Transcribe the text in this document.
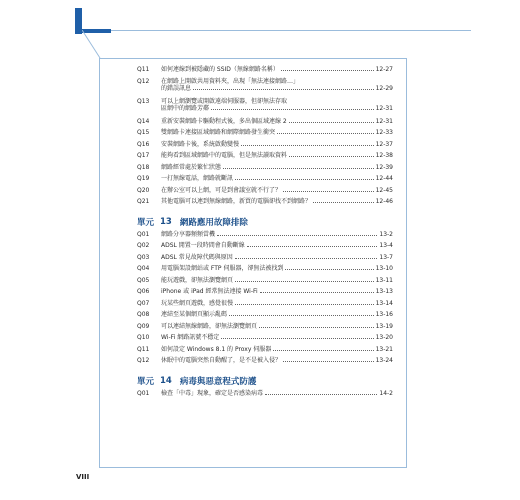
Q11	如何連線到被隱藏的 SSID（無線網路名稱）	12-27
Q12	在網路上開啟共用資料夾，出現「無法連接網路…」
的錯誤訊息	12-29
Q13	可以上網瀏覽或開啟遠端伺服器，但卻無法存取
區網中的網路芳鄰	12-31
Q14	重新安裝網路卡驅動程式後，多出個區域連線 2	12-31
Q15	雙網路卡連接區域網路和網際網路發生衝突	12-33
Q16	安裝網路卡後，系統啟動變慢	12-37
Q17	能夠看到區域網路中的電腦，但是無法讀取資料	12-38
Q18	網路經常處於繁忙狀態	12-39
Q19	一打無線電話，網路就斷訊	12-44
Q20	在辦公室可以上網，可是到會議室就不行了？	12-45
Q21	其他電腦可以連到無線網路，新買的電腦卻找不到網路？	12-46
單元 13 網路應用故障排除
Q01	網路分享器頻頻當機	13-2
Q02	ADSL 閒置一段時間會自動斷線	13-4
Q03	ADSL 常見故障代碼與原因	13-7
Q04	用電腦架設網站或 FTP 伺服器，卻無法被找到	13-10
Q05	能玩遊戲，卻無法瀏覽網頁	13-11
Q06	iPhone 或 iPad 經常無法連接 Wi-Fi	13-13
Q07	玩某些網頁遊戲，感覺很慢	13-14
Q08	連結至某個網頁顯示亂碼	13-16
Q09	可以連結無線網路，卻無法瀏覽網頁	13-19
Q10	Wi-Fi 網路訊號不穩定	13-20
Q11	如何設定 Windows 8.1 的 Proxy 伺服器	13-21
Q12	休眠中的電腦突然自動醒了，是不是被入侵？	13-24
單元 14 病毒與惡意程式防護
Q01	檢查「中毒」現象，確定是否感染病毒	14-2
VIII
